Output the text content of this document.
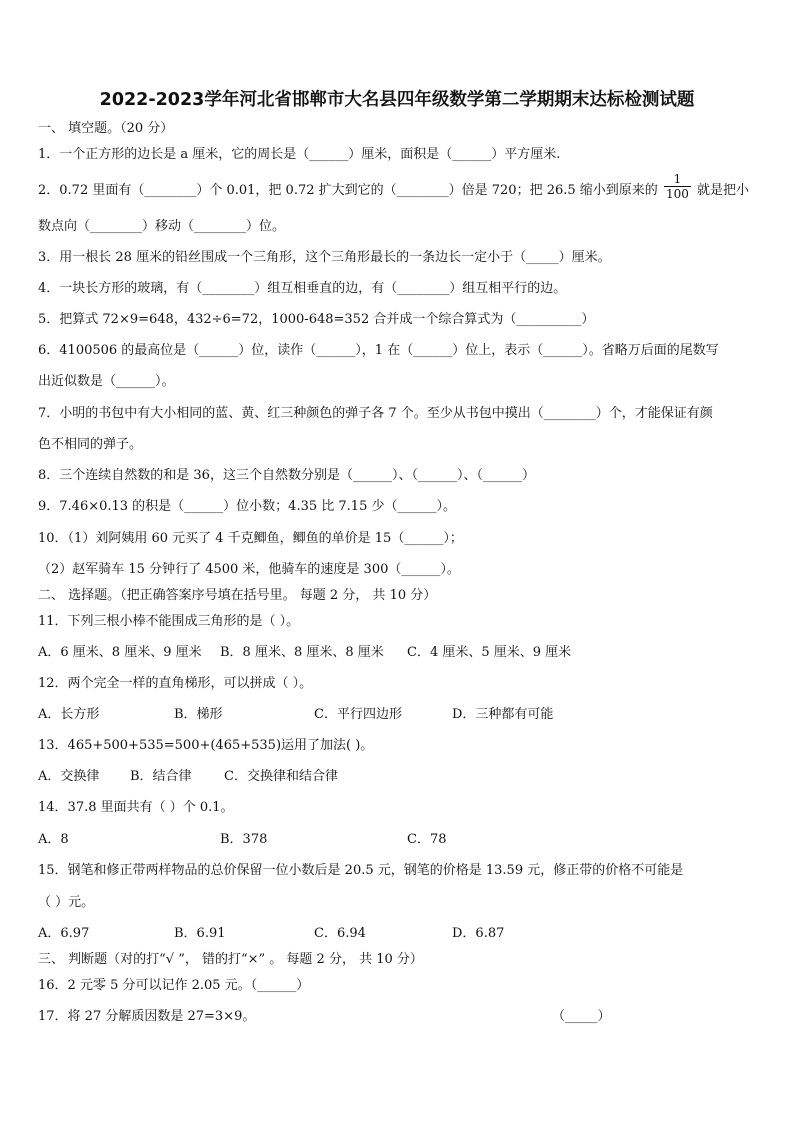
2022-2023学年河北省邯郸市大名县四年级数学第二学期期末达标检测试题
一、 填空题。（20 分）
1．一个正方形的边长是 a 厘米，它的周长是（______）厘米，面积是（______）平方厘米.
2．0.72 里面有（________）个 0.01，把 0.72 扩大到它的（________）倍是 720；把 26.5 缩小到原来的 $\frac{1}{100}$ 就是把小
数点向（________）移动（________）位。
3．用一根长 28 厘米的铅丝围成一个三角形，这个三角形最长的一条边长一定小于（_____）厘米。
4．一块长方形的玻璃，有（________）组互相垂直的边，有（________）组互相平行的边。
5．把算式 72×9=648，432÷6=72，1000-648=352 合并成一个综合算式为（__________）
6．4100506 的最高位是（______）位，读作（______），1 在（______）位上，表示（______）。省略万后面的尾数写
出近似数是（______）。
7．小明的书包中有大小相同的蓝、黄、红三种颜色的弹子各 7 个。至少从书包中摸出（________）个，才能保证有颜
色不相同的弹子。
8．三个连续自然数的和是 36，这三个自然数分别是（______）、（______）、（______）
9．7.46×0.13 的积是（______）位小数；4.35 比 7.15 少（______）。
10．（1）刘阿姨用 60 元买了 4 千克鲫鱼，鲫鱼的单价是 15（______）；
（2）赵军骑车 15 分钟行了 4500 米，他骑车的速度是 300（______）。
二、 选择题。（把正确答案序号填在括号里。 每题 2 分， 共 10 分）
11．下列三根小棒不能围成三角形的是（ ）。
A．6 厘米、8 厘米、9 厘米 B．8 厘米、8 厘米、8 厘米 C．4 厘米、5 厘米、9 厘米
12．两个完全一样的直角梯形，可以拼成（ ）。
A．长方形	B．梯形	C．平行四边形	D．三种都有可能
13．465+500+535=500+(465+535)运用了加法( )。
A．交换律 B．结合律 C．交换律和结合律
14．37.8 里面共有（ ）个 0.1。
A．8	B．378	C．78
15．钢笔和修正带两样物品的总价保留一位小数后是 20.5 元，钢笔的价格是 13.59 元，修正带的价格不可能是
（ ）元。
A．6.97	B．6.91	C．6.94	D．6.87
三、 判断题（对的打“√ ”， 错的打“×” 。 每题 2 分， 共 10 分）
16．2 元零 5 分可以记作 2.05 元。（______）
17．将 27 分解质因数是 27=3×9。	（_____）
